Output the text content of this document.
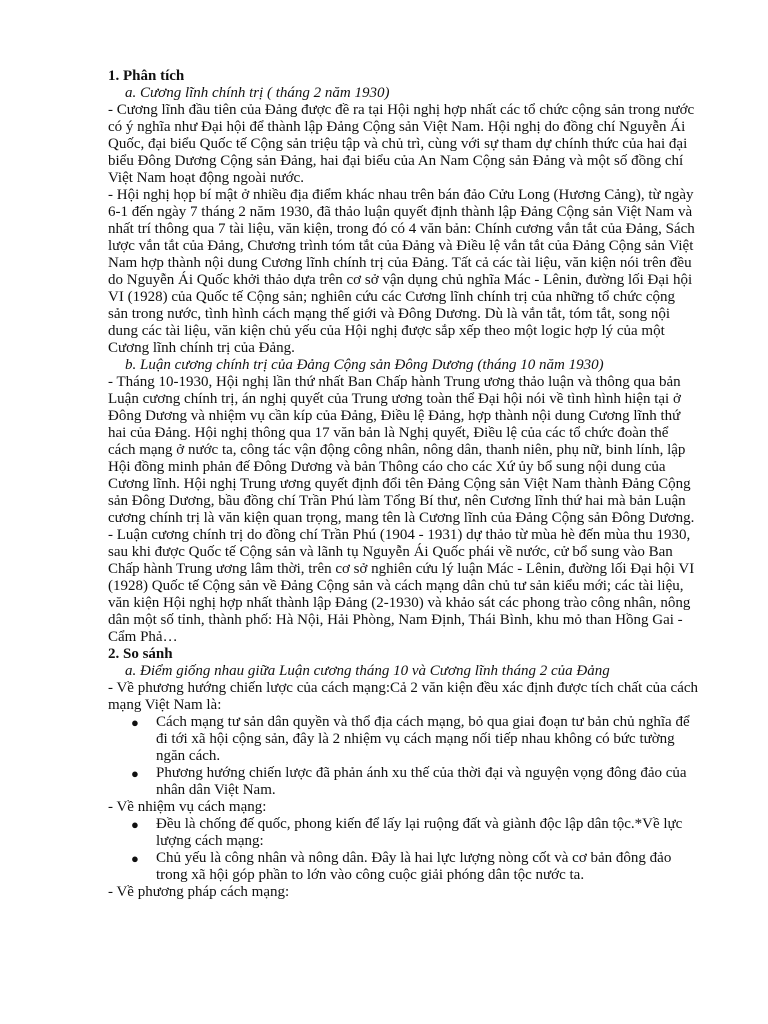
1. Phân tích

a. Cương lĩnh chính trị ( tháng 2 năm 1930)

- Cương lĩnh đầu tiên của Đảng được đề ra tại Hội nghị hợp nhất các tổ chức cộng sản trong nước có ý nghĩa như Đại hội để thành lập Đảng Cộng sản Việt Nam. Hội nghị do đồng chí Nguyễn Ái Quốc, đại biểu Quốc tế Cộng sản triệu tập và chủ trì, cùng với sự tham dự chính thức của hai đại biểu Đông Dương Cộng sản Đảng, hai đại biểu của An Nam Cộng sản Đảng và một số đồng chí Việt Nam hoạt động ngoài nước.

- Hội nghị họp bí mật ở nhiều địa điểm khác nhau trên bán đảo Cửu Long (Hương Cảng), từ ngày 6-1 đến ngày 7 tháng 2 năm 1930, đã thảo luận quyết định thành lập Đảng Cộng sản Việt Nam và nhất trí thông qua 7 tài liệu, văn kiện, trong đó có 4 văn bản: Chính cương vắn tắt của Đảng, Sách lược vắn tắt của Đảng, Chương trình tóm tắt của Đảng và Điều lệ vắn tắt của Đảng Cộng sản Việt Nam hợp thành nội dung Cương lĩnh chính trị của Đảng. Tất cả các tài liệu, văn kiện nói trên đều do Nguyễn Ái Quốc khởi thảo dựa trên cơ sở vận dụng chủ nghĩa Mác - Lênin, đường lối Đại hội VI (1928) của Quốc tế Cộng sản; nghiên cứu các Cương lĩnh chính trị của những tổ chức cộng sản trong nước, tình hình cách mạng thế giới và Đông Dương. Dù là vắn tắt, tóm tắt, song nội dung các tài liệu, văn kiện chủ yếu của Hội nghị được sắp xếp theo một logic hợp lý của một Cương lĩnh chính trị của Đảng.

b. Luận cương chính trị của Đảng Cộng sản Đông Dương (tháng 10 năm 1930)

- Tháng 10-1930, Hội nghị lần thứ nhất Ban Chấp hành Trung ương thảo luận và thông qua bản Luận cương chính trị, án nghị quyết của Trung ương toàn thể Đại hội nói về tình hình hiện tại ở Đông Dương và nhiệm vụ cần kíp của Đảng, Điều lệ Đảng, hợp thành nội dung Cương lĩnh thứ hai của Đảng. Hội nghị thông qua 17 văn bản là Nghị quyết, Điều lệ của các tổ chức đoàn thể cách mạng ở nước ta, công tác vận động công nhân, nông dân, thanh niên, phụ nữ, binh lính, lập Hội đồng minh phản đế Đông Dương và bản Thông cáo cho các Xứ ủy bổ sung nội dung của Cương lĩnh. Hội nghị Trung ương quyết định đổi tên Đảng Cộng sản Việt Nam thành Đảng Cộng sản Đông Dương, bầu đồng chí Trần Phú làm Tổng Bí thư, nên Cương lĩnh thứ hai mà bản Luận cương chính trị là văn kiện quan trọng, mang tên là Cương lĩnh của Đảng Cộng sản Đông Dương.

- Luận cương chính trị do đồng chí Trần Phú (1904 - 1931) dự thảo từ mùa hè đến mùa thu 1930, sau khi được Quốc tế Cộng sản và lãnh tụ Nguyễn Ái Quốc phái về nước, cử bổ sung vào Ban Chấp hành Trung ương lâm thời, trên cơ sở nghiên cứu lý luận Mác - Lênin, đường lối Đại hội VI (1928) Quốc tế Cộng sản về Đảng Cộng sản và cách mạng dân chủ tư sản kiểu mới; các tài liệu, văn kiện Hội nghị hợp nhất thành lập Đảng (2-1930) và khảo sát các phong trào công nhân, nông dân một số tỉnh, thành phố: Hà Nội, Hải Phòng, Nam Định, Thái Bình, khu mỏ than Hồng Gai - Cẩm Phả…

2. So sánh

a. Điểm giống nhau giữa Luận cương tháng 10 và Cương lĩnh tháng 2 của Đảng

- Về phương hướng chiến lược của cách mạng:Cả 2 văn kiện đều xác định được tích chất của cách mạng Việt Nam là:

● Cách mạng tư sản dân quyền và thổ địa cách mạng, bỏ qua giai đoạn tư bản chủ nghĩa để đi tới xã hội cộng sản, đây là 2 nhiệm vụ cách mạng nối tiếp nhau không có bức tường ngăn cách.
● Phương hướng chiến lược đã phản ánh xu thế của thời đại và nguyện vọng đông đảo của nhân dân Việt Nam.

- Về nhiệm vụ cách mạng:

● Đều là chống đế quốc, phong kiến để lấy lại ruộng đất và giành độc lập dân tộc.*Về lực lượng cách mạng:
● Chủ yếu là công nhân và nông dân. Đây là hai lực lượng nòng cốt và cơ bản đông đảo trong xã hội góp phần to lớn vào công cuộc giải phóng dân tộc nước ta.

- Về phương pháp cách mạng:
